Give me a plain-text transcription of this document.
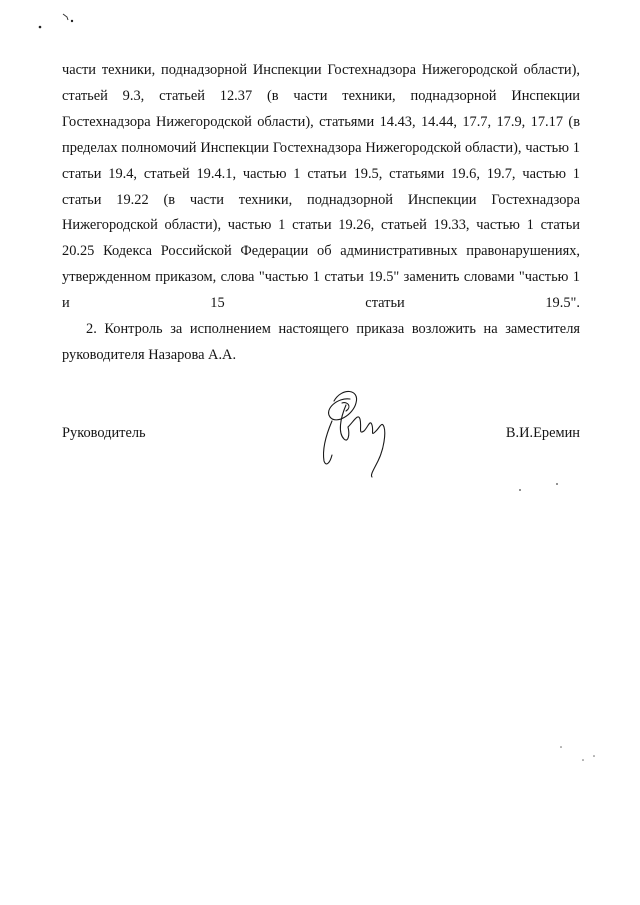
части техники, поднадзорной Инспекции Гостехнадзора Нижегородской области), статьей 9.3, статьей 12.37 (в части техники, поднадзорной Инспекции Гостехнадзора Нижегородской области), статьями 14.43, 14.44, 17.7, 17.9, 17.17 (в пределах полномочий Инспекции Гостехнадзора Нижегородской области), частью 1 статьи 19.4, статьей 19.4.1, частью 1 статьи 19.5, статьями 19.6, 19.7, частью 1 статьи 19.22 (в части техники, поднадзорной Инспекции Гостехнадзора Нижегородской области), частью 1 статьи 19.26, статьей 19.33, частью 1 статьи 20.25 Кодекса Российской Федерации об административных правонарушениях, утвержденном приказом, слова "частью 1 статьи 19.5" заменить словами "частью 1 и 15 статьи 19.5".

2. Контроль за исполнением настоящего приказа возложить на заместителя руководителя Назарова А.А.

Руководитель	В.И.Еремин
